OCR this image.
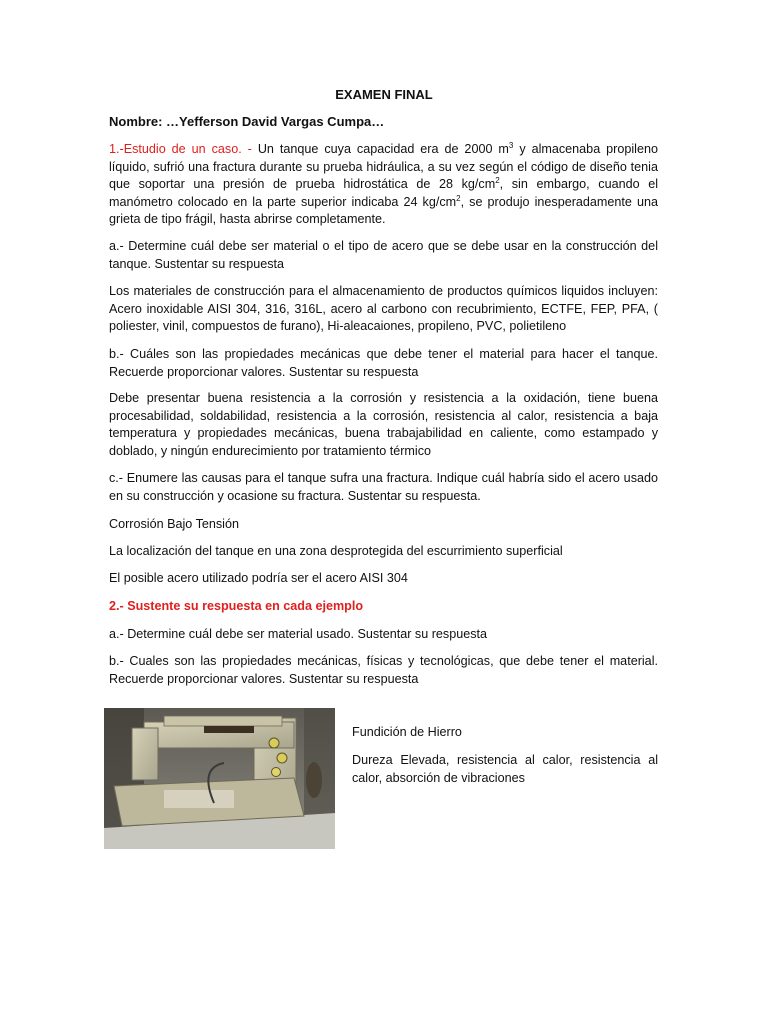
EXAMEN FINAL
Nombre: …Yefferson David Vargas Cumpa…

1.-Estudio de un caso. - Un tanque cuya capacidad era de 2000 $m^3$ y almacenaba propileno líquido, sufrió una fractura durante su prueba hidráulica, a su vez según el código de diseño tenia que soportar una presión de prueba hidrostática de 28 $kg/cm^2$, sin embargo, cuando el manómetro colocado en la parte superior indicaba 24 $kg/cm^2$, se produjo inesperadamente una grieta de tipo frágil, hasta abrirse completamente.

a.- Determine cuál debe ser material o el tipo de acero que se debe usar en la construcción del tanque. Sustentar su respuesta

Los materiales de construcción para el almacenamiento de productos químicos liquidos incluyen: Acero inoxidable AISI 304, 316, 316L, acero al carbono con recubrimiento, ECTFE, FEP, PFA, ( poliester, vinil, compuestos de furano), Hi-aleacaiones, propileno, PVC, polietileno

b.- Cuáles son las propiedades mecánicas que debe tener el material para hacer el tanque. Recuerde proporcionar valores. Sustentar su respuesta

Debe presentar buena resistencia a la corrosión y resistencia a la oxidación, tiene buena procesabilidad, soldabilidad, resistencia a la corrosión, resistencia al calor, resistencia a baja temperatura y propiedades mecánicas, buena trabajabilidad en caliente, como estampado y doblado, y ningún endurecimiento por tratamiento térmico

c.- Enumere las causas para el tanque sufra una fractura. Indique cuál habría sido el acero usado en su construcción y ocasione su fractura. Sustentar su respuesta.

Corrosión Bajo Tensión

La localización del tanque en una zona desprotegida del escurrimiento superficial

El posible acero utilizado podría ser el acero AISI 304

2.- Sustente su respuesta en cada ejemplo

a.- Determine cuál debe ser material usado. Sustentar su respuesta

b.- Cuales son las propiedades mecánicas, físicas y tecnológicas, que debe tener el material. Recuerde proporcionar valores. Sustentar su respuesta

Fundición de Hierro

Dureza Elevada, resistencia al calor, resistencia al calor, absorción de vibraciones
